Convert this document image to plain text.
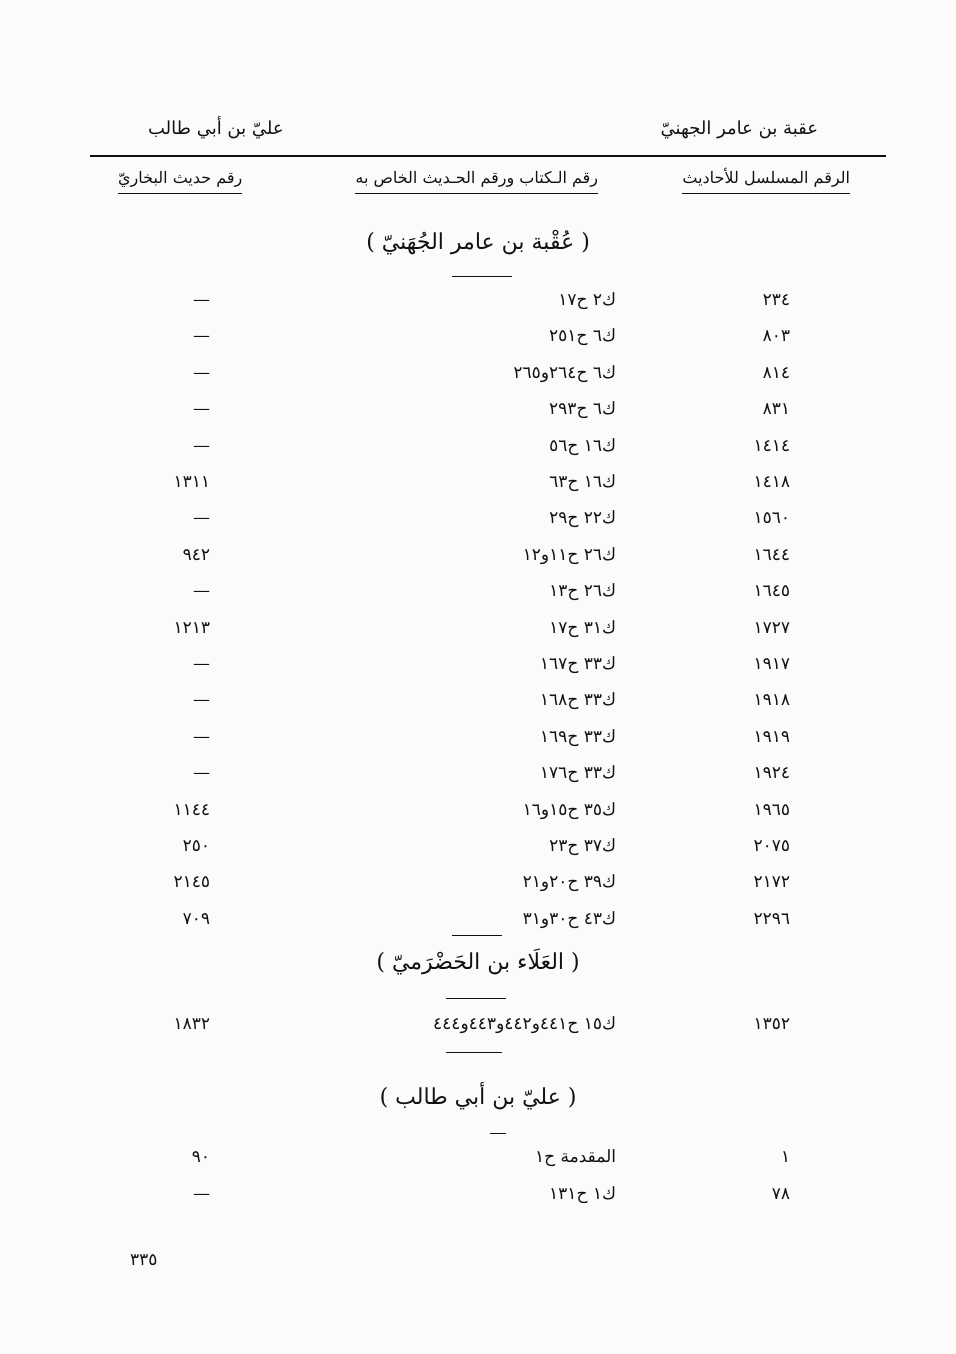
عقبة بن عامر الجهنيّ
عليّ بن أبي طالب
الرقم المسلسل للأحاديث
رقم الـكتاب ورقم الحـديث الخاص به
رقم حديث البخاريّ
( عُقْبة بن عامر الجُهَنيّ )
٢٣٤
ك٢ ح١٧
—
٨٠٣
ك٦ ح٢٥١
—
٨١٤
ك٦ ح٢٦٤و٢٦٥
—
٨٣١
ك٦ ح٢٩٣
—
١٤١٤
ك١٦ ح٥٦
—
١٤١٨
ك١٦ ح٦٣
١٣١١
١٥٦٠
ك٢٢ ح٢٩
—
١٦٤٤
ك٢٦ ح١١و١٢
٩٤٢
١٦٤٥
ك٢٦ ح١٣
—
١٧٢٧
ك٣١ ح١٧
١٢١٣
١٩١٧
ك٣٣ ح١٦٧
—
١٩١٨
ك٣٣ ح١٦٨
—
١٩١٩
ك٣٣ ح١٦٩
—
١٩٢٤
ك٣٣ ح١٧٦
—
١٩٦٥
ك٣٥ ح١٥و١٦
١١٤٤
٢٠٧٥
ك٣٧ ح٢٣
٢٥٠
٢١٧٢
ك٣٩ ح٢٠و٢١
٢١٤٥
٢٢٩٦
ك٤٣ ح٣٠و٣١
٧٠٩
( العَلَاء بن الحَضْرَميّ )
١٣٥٢
ك١٥ ح٤٤١و٤٤٢و٤٤٣و٤٤٤
١٨٣٢
( عليّ بن أبي طالب )
١
المقدمة ح١
٩٠
٧٨
ك١ ح١٣١
—
٣٣٥
